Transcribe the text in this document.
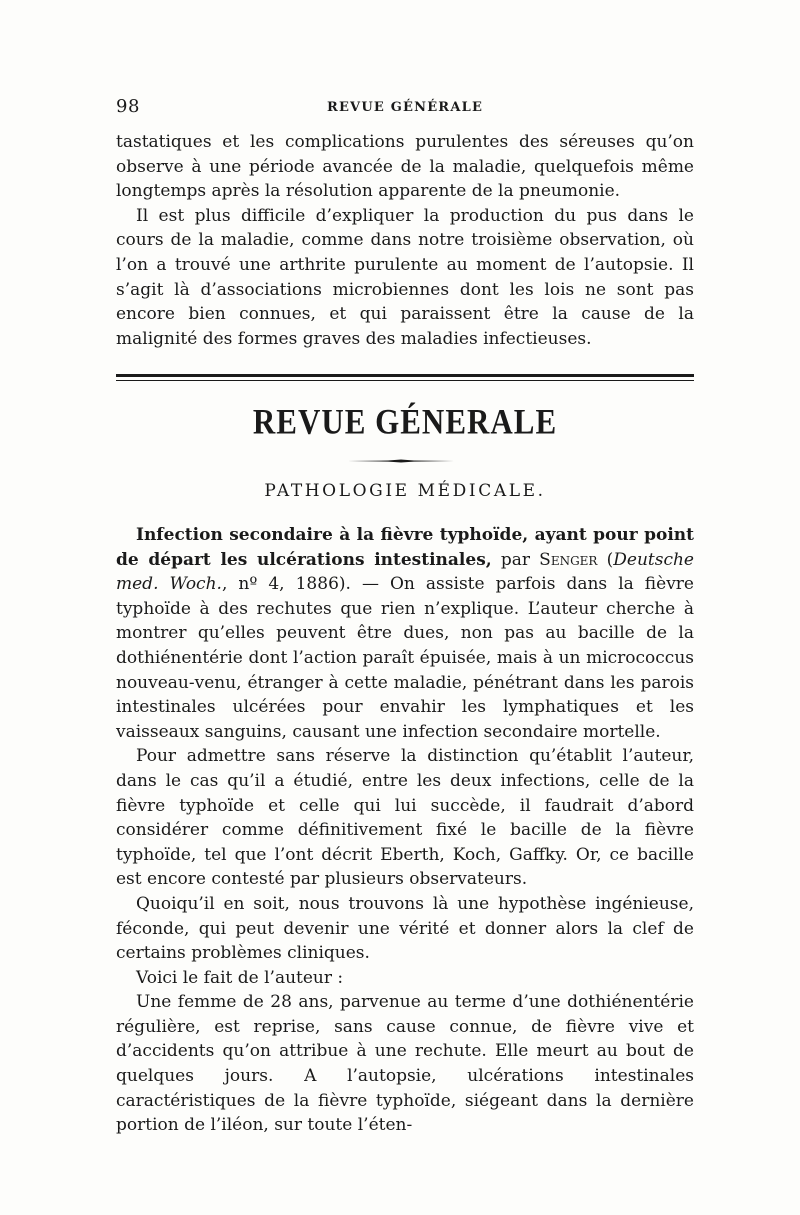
98	REVUE GÉNÉRALE

tastatiques et les complications purulentes des séreuses qu’on observe à une période avancée de la maladie, quelquefois même longtemps après la résolution apparente de la pneumonie.

Il est plus difficile d’expliquer la production du pus dans le cours de la maladie, comme dans notre troisième observation, où l’on a trouvé une arthrite purulente au moment de l’autopsie. Il s’agit là d’associations microbiennes dont les lois ne sont pas encore bien connues, et qui paraissent être la cause de la malignité des formes graves des maladies infectieuses.

REVUE GÉNERALE
PATHOLOGIE MÉDICALE.

Infection secondaire à la fièvre typhoïde, ayant pour point de départ les ulcérations intestinales, par Senger (Deutsche med. Woch., nº 4, 1886). — On assiste parfois dans la fièvre typhoïde à des rechutes que rien n’explique. L’auteur cherche à montrer qu’elles peuvent être dues, non pas au bacille de la dothiénentérie dont l’action paraît épuisée, mais à un micrococcus nouveau-venu, étranger à cette maladie, pénétrant dans les parois intestinales ulcérées pour envahir les lymphatiques et les vaisseaux sanguins, causant une infection secondaire mortelle.

Pour admettre sans réserve la distinction qu’établit l’auteur, dans le cas qu’il a étudié, entre les deux infections, celle de la fièvre typhoïde et celle qui lui succède, il faudrait d’abord considérer comme définitivement fixé le bacille de la fièvre typhoïde, tel que l’ont décrit Eberth, Koch, Gaffky. Or, ce bacille est encore contesté par plusieurs observateurs.

Quoiqu’il en soit, nous trouvons là une hypothèse ingénieuse, féconde, qui peut devenir une vérité et donner alors la clef de certains problèmes cliniques.

Voici le fait de l’auteur :

Une femme de 28 ans, parvenue au terme d’une dothiénentérie régulière, est reprise, sans cause connue, de fièvre vive et d’accidents qu’on attribue à une rechute. Elle meurt au bout de quelques jours. A l’autopsie, ulcérations intestinales caractéristiques de la fièvre typhoïde, siégeant dans la dernière portion de l’iléon, sur toute l’éten-
